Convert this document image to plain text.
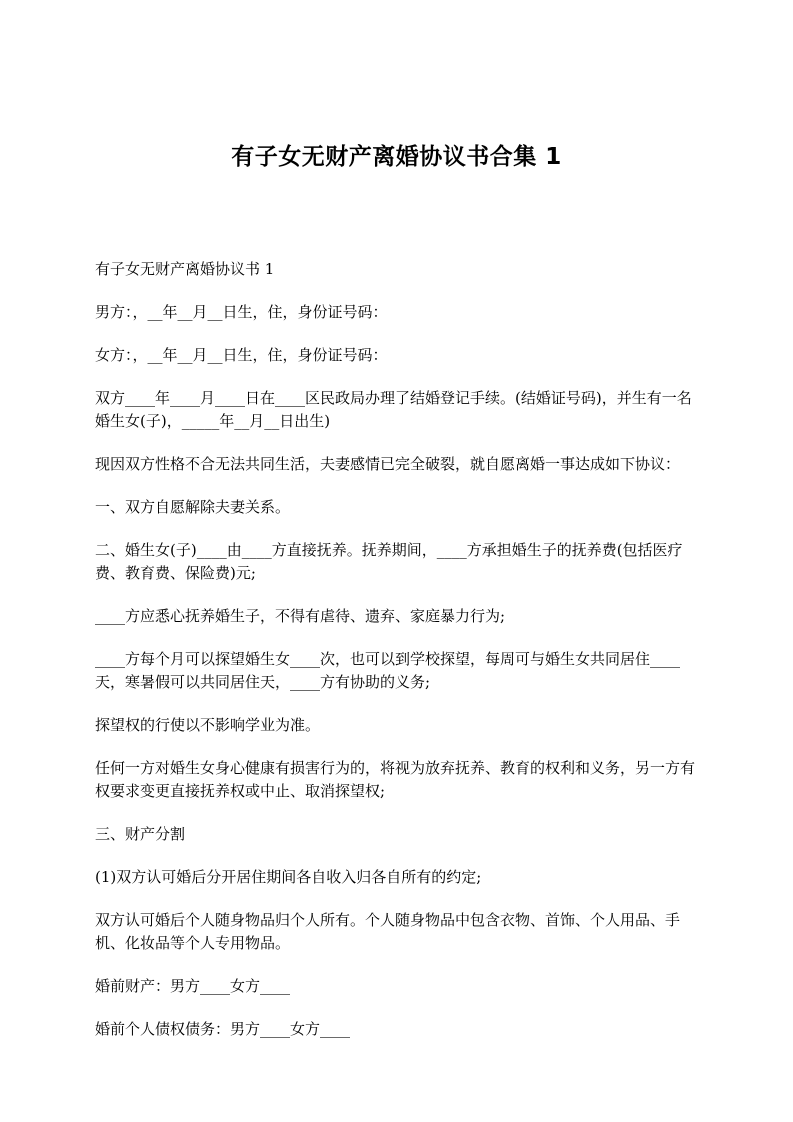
有子女无财产离婚协议书合集 1

有子女无财产离婚协议书 1

男方：，__年__月__日生，住，身份证号码：

女方：，__年__月__日生，住，身份证号码：

双方____年____月____日在____区民政局办理了结婚登记手续。(结婚证号码)，并生有一名婚生女(子)，_____年__月__日出生)

现因双方性格不合无法共同生活，夫妻感情已完全破裂，就自愿离婚一事达成如下协议：

一、双方自愿解除夫妻关系。

二、婚生女(子)____由____方直接抚养。抚养期间，____方承担婚生子的抚养费(包括医疗费、教育费、保险费)元;

____方应悉心抚养婚生子，不得有虐待、遗弃、家庭暴力行为;

____方每个月可以探望婚生女____次，也可以到学校探望，每周可与婚生女共同居住____天，寒暑假可以共同居住天，____方有协助的义务;

探望权的行使以不影响学业为准。

任何一方对婚生女身心健康有损害行为的，将视为放弃抚养、教育的权利和义务，另一方有权要求变更直接抚养权或中止、取消探望权;

三、财产分割

(1)双方认可婚后分开居住期间各自收入归各自所有的约定;

双方认可婚后个人随身物品归个人所有。个人随身物品中包含衣物、首饰、个人用品、手机、化妆品等个人专用物品。

婚前财产：男方____女方____

婚前个人债权债务：男方____女方____
